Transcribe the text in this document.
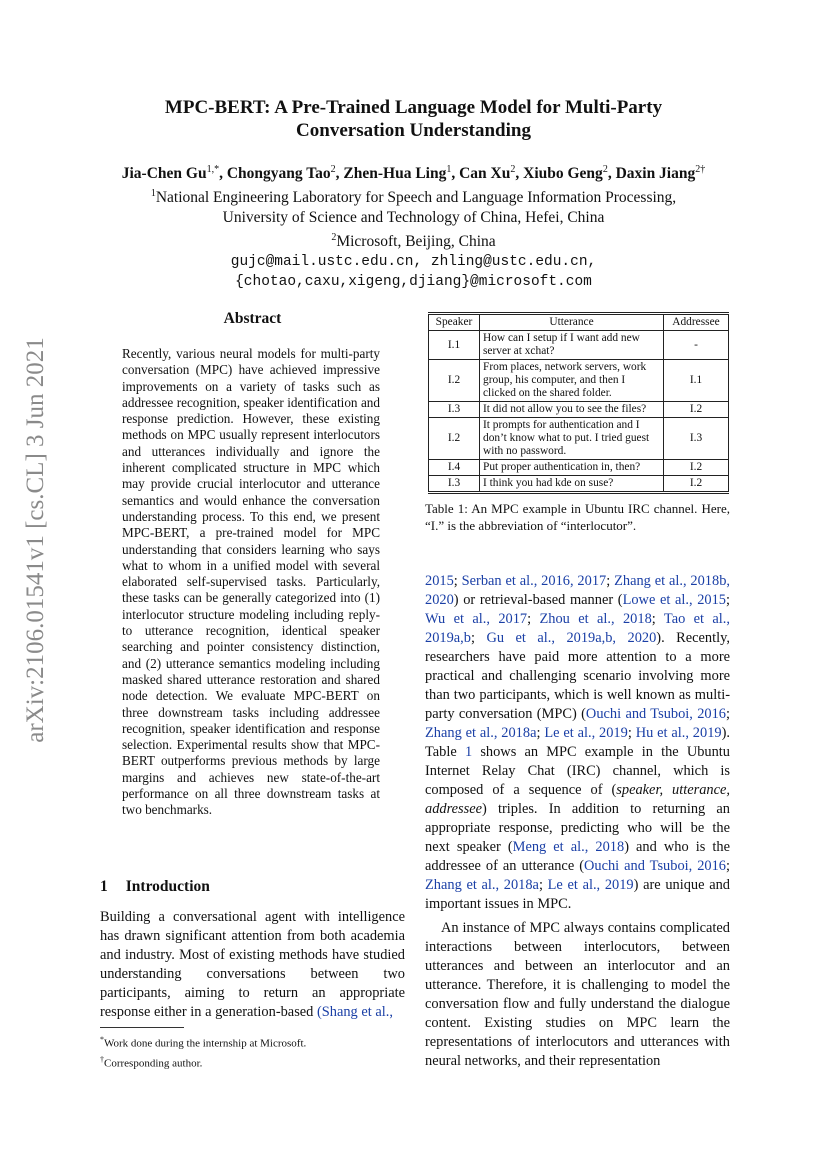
arXiv:2106.01541v1 [cs.CL] 3 Jun 2021
MPC-BERT: A Pre-Trained Language Model for Multi-Party
Conversation Understanding
Jia-Chen $Gu^{1,*}$, Chongyang Tao$^2$, Zhen-Hua Ling$^1$, Can Xu$^2$, Xiubo Geng$^2$, Daxin Jiang$^{2\dagger}$
$^1$National Engineering Laboratory for Speech and Language Information Processing,
University of Science and Technology of China, Hefei, China
$^2$Microsoft, Beijing, China
gujc@mail.ustc.edu.cn, zhling@ustc.edu.cn,
{chotao,caxu,xigeng,djiang}@microsoft.com
Abstract
Recently, various neural models for multi-party conversation (MPC) have achieved impressive improvements on a variety of tasks such as addressee recognition, speaker identification and response prediction. However, these existing methods on MPC usually represent interlocutors and utterances individually and ignore the inherent complicated structure in MPC which may provide crucial interlocutor and utterance semantics and would enhance the conversation understanding process. To this end, we present MPC-BERT, a pre-trained model for MPC understanding that considers learning who says what to whom in a unified model with several elaborated self-supervised tasks. Particularly, these tasks can be generally categorized into (1) interlocutor structure modeling including reply-to utterance recognition, identical speaker searching and pointer consistency distinction, and (2) utterance semantics modeling including masked shared utterance restoration and shared node detection. We evaluate MPC-BERT on three downstream tasks including addressee recognition, speaker identification and response selection. Experimental results show that MPC-BERT outperforms previous methods by large margins and achieves new state-of-the-art performance on all three downstream tasks at two benchmarks.
1 Introduction
Building a conversational agent with intelligence has drawn significant attention from both academia and industry. Most of existing methods have studied understanding conversations between two participants, aiming to return an appropriate response either in a generation-based (Shang et al.,
*Work done during the internship at Microsoft.
†Corresponding author.
Speaker	Utterance	Addressee
I.1	How can I setup if I want add new server at xchat?	-
I.2	From places, network servers, work group, his computer, and then I clicked on the shared folder.	I.1
I.3	It did not allow you to see the files?	I.2
I.2	It prompts for authentication and I don’t know what to put. I tried guest with no password.	I.3
I.4	Put proper authentication in, then?	I.2
I.3	I think you had kde on suse?	I.2
Table 1: An MPC example in Ubuntu IRC channel. Here, “I.” is the abbreviation of “interlocutor”.

2015; Serban et al., 2016, 2017; Zhang et al., 2018b, 2020) or retrieval-based manner (Lowe et al., 2015; Wu et al., 2017; Zhou et al., 2018; Tao et al., 2019a,b; Gu et al., 2019a,b, 2020). Recently, researchers have paid more attention to a more practical and challenging scenario involving more than two participants, which is well known as multi-party conversation (MPC) (Ouchi and Tsuboi, 2016; Zhang et al., 2018a; Le et al., 2019; Hu et al., 2019). Table 1 shows an MPC example in the Ubuntu Internet Relay Chat (IRC) channel, which is composed of a sequence of (speaker, utterance, addressee) triples. In addition to returning an appropriate response, predicting who will be the next speaker (Meng et al., 2018) and who is the addressee of an utterance (Ouchi and Tsuboi, 2016; Zhang et al., 2018a; Le et al., 2019) are unique and important issues in MPC.

An instance of MPC always contains complicated interactions between interlocutors, between utterances and between an interlocutor and an utterance. Therefore, it is challenging to model the conversation flow and fully understand the dialogue content. Existing studies on MPC learn the representations of interlocutors and utterances with neural networks, and their representation
